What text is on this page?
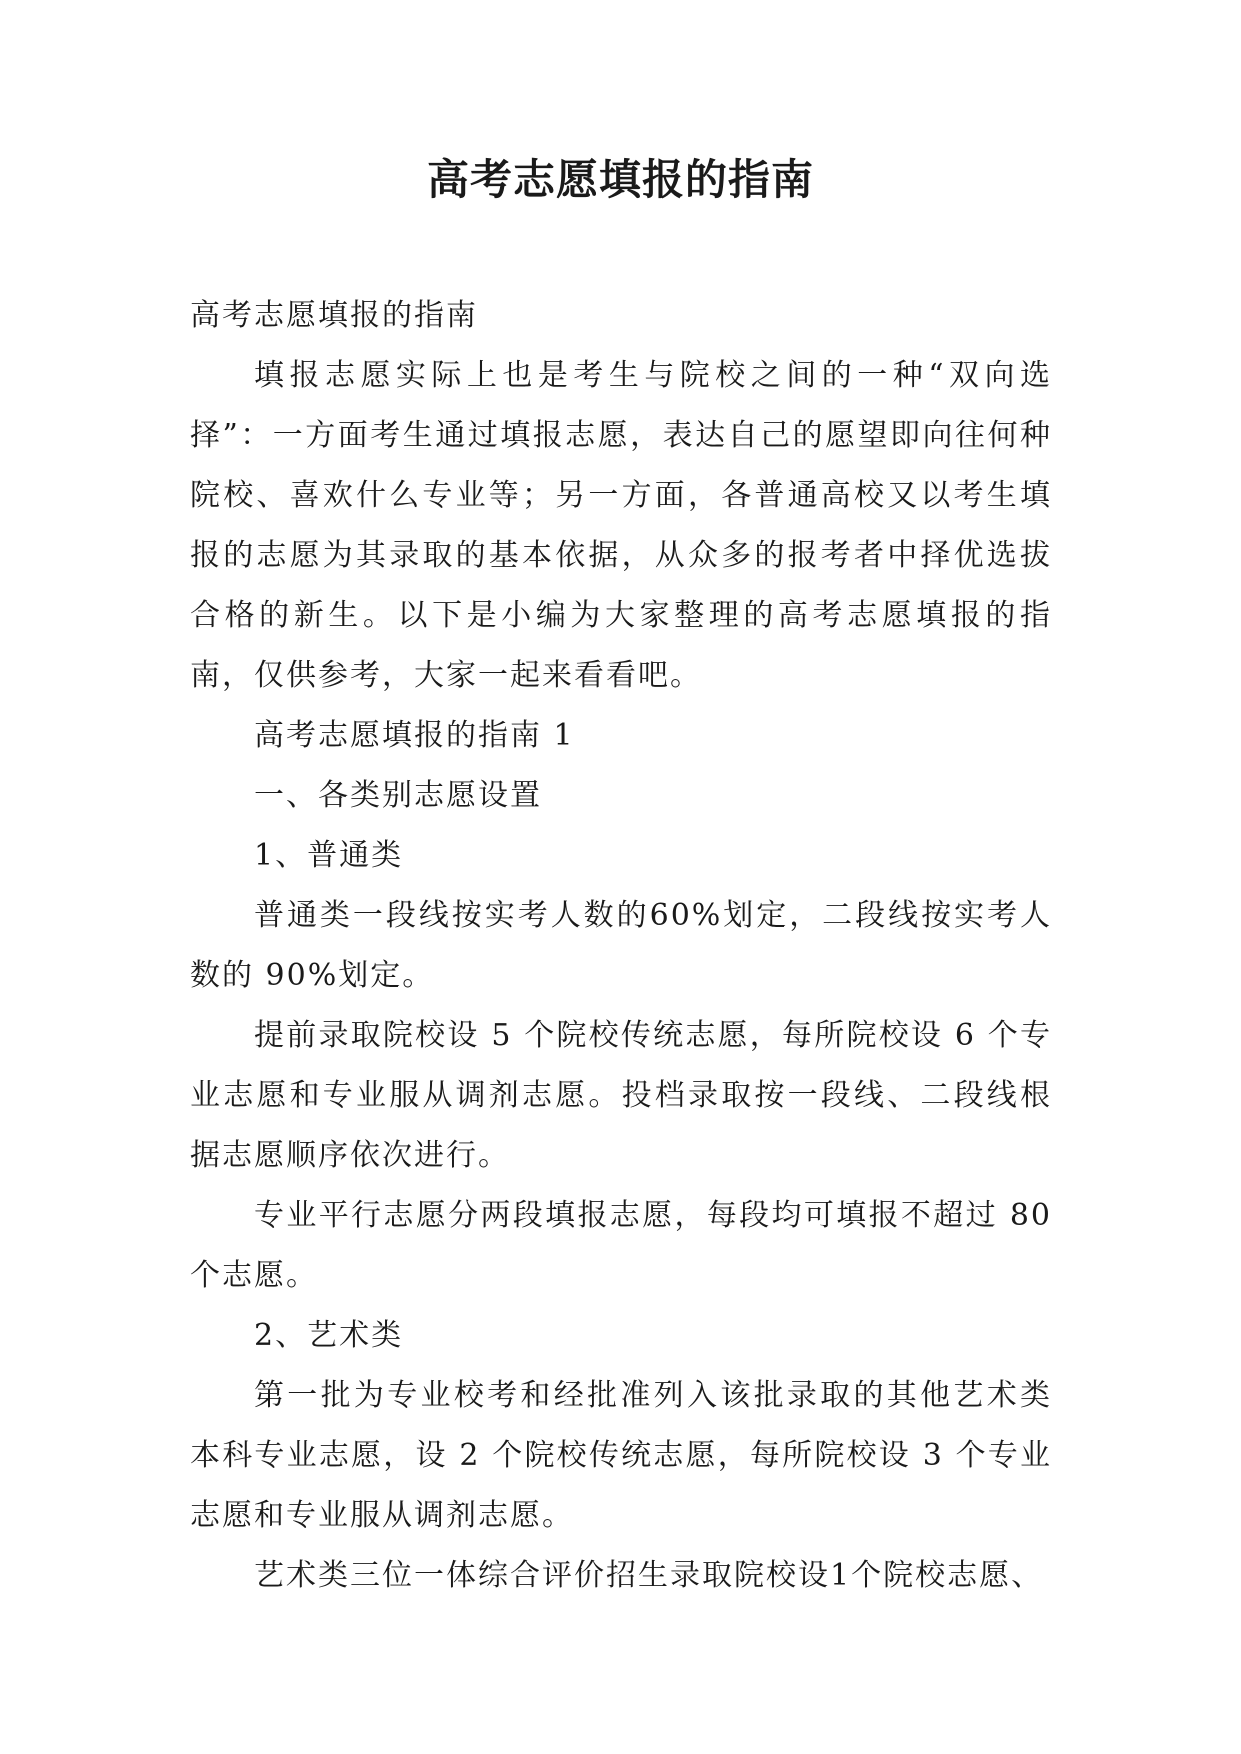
高考志愿填报的指南

高考志愿填报的指南

填报志愿实际上也是考生与院校之间的一种“双向选择”：一方面考生通过填报志愿，表达自己的愿望即向往何种院校、喜欢什么专业等；另一方面，各普通高校又以考生填报的志愿为其录取的基本依据，从众多的报考者中择优选拔合格的新生。以下是小编为大家整理的高考志愿填报的指南，仅供参考，大家一起来看看吧。

高考志愿填报的指南 1

一、各类别志愿设置

1、普通类

普通类一段线按实考人数的60%划定，二段线按实考人数的 90%划定。

提前录取院校设 5 个院校传统志愿，每所院校设 6 个专业志愿和专业服从调剂志愿。投档录取按一段线、二段线根据志愿顺序依次进行。

专业平行志愿分两段填报志愿，每段均可填报不超过 80 个志愿。

2、艺术类

第一批为专业校考和经批准列入该批录取的其他艺术类本科专业志愿，设 2 个院校传统志愿，每所院校设 3 个专业志愿和专业服从调剂志愿。

艺术类三位一体综合评价招生录取院校设1个院校志愿、
